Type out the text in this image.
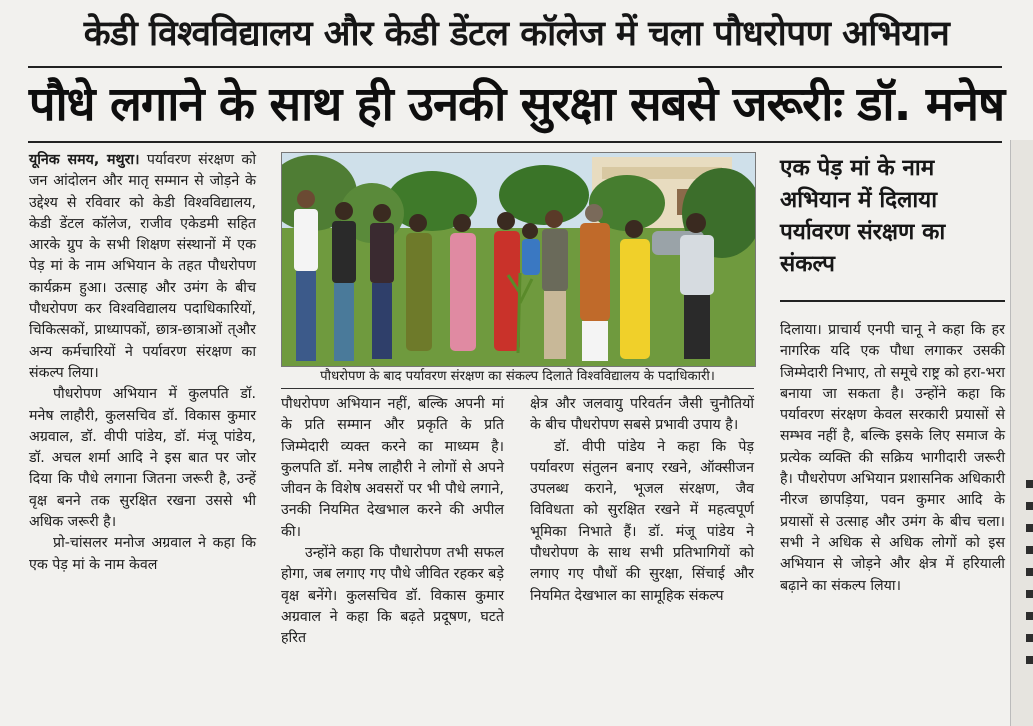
केडी विश्वविद्यालय और केडी डेंटल कॉलेज में चला पौधरोपण अभियान
पौधे लगाने के साथ ही उनकी सुरक्षा सबसे जरूरीः डॉ. मनेष

यूनिक समय, मथुरा। पर्यावरण संरक्षण को जन आंदोलन और मातृ सम्मान से जोड़ने के उद्देश्य से रविवार को केडी विश्वविद्यालय, केडी डेंटल कॉलेज, राजीव एकेडमी सहित आरके ग्रुप के सभी शिक्षण संस्थानों में एक पेड़ मां के नाम अभियान के तहत पौधरोपण कार्यक्रम हुआ। उत्साह और उमंग के बीच पौधरोपण कर विश्वविद्यालय पदाधिकारियों, चिकित्सकों, प्राध्यापकों, छात्र-छात्राओं त्और अन्य कर्मचारियों ने पर्यावरण संरक्षण का संकल्प लिया।

पौधरोपण अभियान में कुलपति डॉ. मनेष लाहौरी, कुलसचिव डॉ. विकास कुमार अग्रवाल, डॉ. वीपी पांडेय, डॉ. मंजू पांडेय, डॉ. अचल शर्मा आदि ने इस बात पर जोर दिया कि पौधे लगाना जितना जरूरी है, उन्हें वृक्ष बनने तक सुरक्षित रखना उससे भी अधिक जरूरी है।

प्रो-चांसलर मनोज अग्रवाल ने कहा कि एक पेड़ मां के नाम केवल

पौधरोपण के बाद पर्यावरण संरक्षण का संकल्प दिलाते विश्वविद्यालय के पदाधिकारी।

पौधरोपण अभियान नहीं, बल्कि अपनी मां के प्रति सम्मान और प्रकृति के प्रति जिम्मेदारी व्यक्त करने का माध्यम है। कुलपति डॉ. मनेष लाहौरी ने लोगों से अपने जीवन के विशेष अवसरों पर भी पौधे लगाने, उनकी नियमित देखभाल करने की अपील की।

उन्होंने कहा कि पौधारोपण तभी सफल होगा, जब लगाए गए पौधे जीवित रहकर बड़े वृक्ष बनेंगे। कुलसचिव डॉ. विकास कुमार अग्रवाल ने कहा कि बढ़ते प्रदूषण, घटते हरित

क्षेत्र और जलवायु परिवर्तन जैसी चुनौतियों के बीच पौधरोपण सबसे प्रभावी उपाय है।

डॉ. वीपी पांडेय ने कहा कि पेड़ पर्यावरण संतुलन बनाए रखने, ऑक्सीजन उपलब्ध कराने, भूजल संरक्षण, जैव विविधता को सुरक्षित रखने में महत्वपूर्ण भूमिका निभाते हैं। डॉ. मंजू पांडेय ने पौधरोपण के साथ सभी प्रतिभागियों को लगाए गए पौधों की सुरक्षा, सिंचाई और नियमित देखभाल का सामूहिक संकल्प

एक पेड़ मां के नाम अभियान में दिलाया पर्यावरण संरक्षण का संकल्प

दिलाया। प्राचार्य एनपी चानू ने कहा कि हर नागरिक यदि एक पौधा लगाकर उसकी जिम्मेदारी निभाए, तो समूचे राष्ट्र को हरा-भरा बनाया जा सकता है। उन्होंने कहा कि पर्यावरण संरक्षण केवल सरकारी प्रयासों से सम्भव नहीं है, बल्कि इसके लिए समाज के प्रत्येक व्यक्ति की सक्रिय भागीदारी जरूरी है। पौधरोपण अभियान प्रशासनिक अधिकारी नीरज छापड़िया, पवन कुमार आदि के प्रयासों से उत्साह और उमंग के बीच चला। सभी ने अधिक से अधिक लोगों को इस अभियान से जोड़ने और क्षेत्र में हरियाली बढ़ाने का संकल्प लिया।
